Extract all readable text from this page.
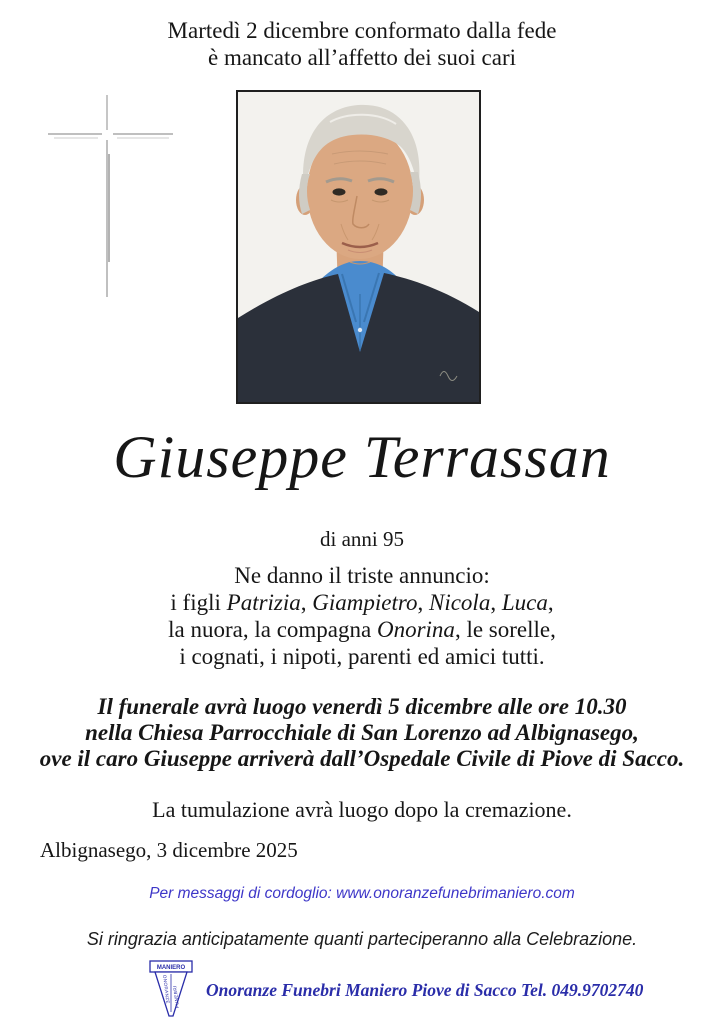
Martedì 2 dicembre conformato dalla fede
è mancato all’affetto dei suoi cari
Giuseppe Terrassan
di anni 95
Ne danno il triste annuncio:
i figli Patrizia, Giampietro, Nicola, Luca,
la nuora, la compagna Onorina, le sorelle,
i cognati, i nipoti, parenti ed amici tutti.
Il funerale avrà luogo venerdì 5 dicembre alle ore 10.30
nella Chiesa Parrocchiale di San Lorenzo ad Albignasego,
ove il caro Giuseppe arriverà dall’Ospedale Civile di Piove di Sacco.
La tumulazione avrà luogo dopo la cremazione.
Albignasego, 3 dicembre 2025
Per messaggi di cordoglio: www.onoranzefunebrimaniero.com
Si ringrazia anticipatamente quanti parteciperanno alla Celebrazione.
MANIERO
ONORANZE FUNEBRI Onoranze Funebri Maniero Piove di Sacco Tel. 049.9702740
